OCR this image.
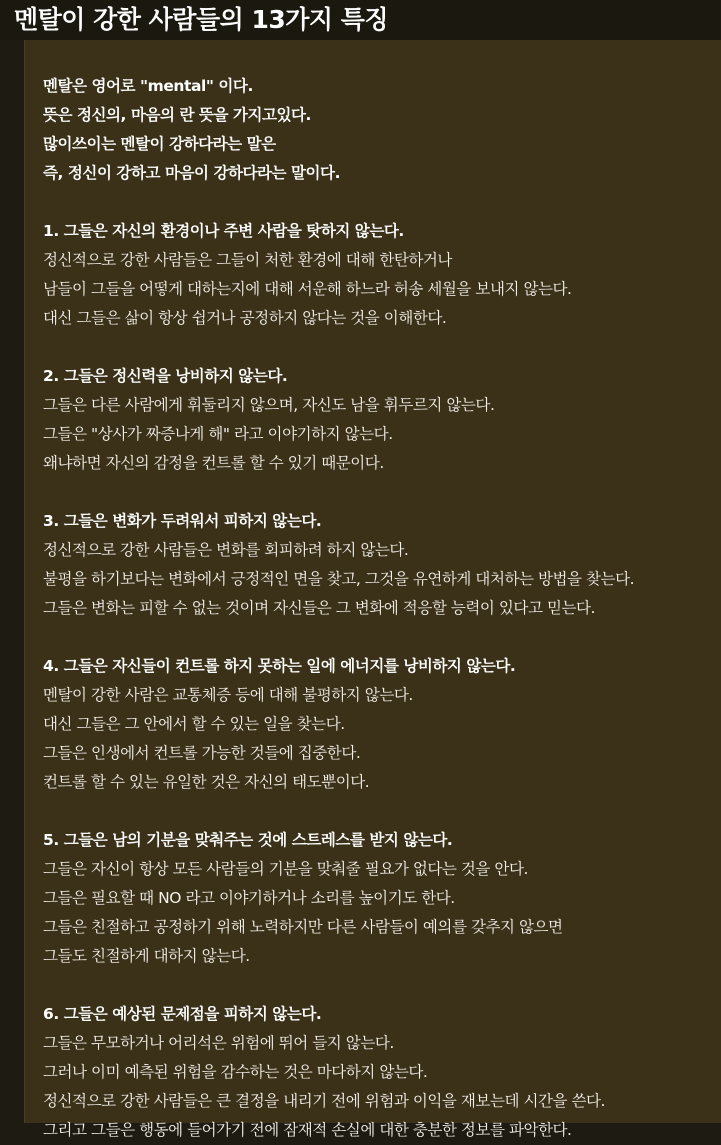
멘탈이 강한 사람들의 13가지 특징
멘탈은 영어로 "mental" 이다.
뜻은 정신의, 마음의 란 뜻을 가지고있다.
많이쓰이는 멘탈이 강하다라는 말은
즉, 정신이 강하고 마음이 강하다라는 말이다.
1. 그들은 자신의 환경이나 주변 사람을 탓하지 않는다.
정신적으로 강한 사람들은 그들이 처한 환경에 대해 한탄하거나
남들이 그들을 어떻게 대하는지에 대해 서운해 하느라 허송 세월을 보내지 않는다.
대신 그들은 삶이 항상 쉽거나 공정하지 않다는 것을 이해한다.
2. 그들은 정신력을 낭비하지 않는다.
그들은 다른 사람에게 휘둘리지 않으며, 자신도 남을 휘두르지 않는다.
그들은 "상사가 짜증나게 해" 라고 이야기하지 않는다.
왜냐하면 자신의 감정을 컨트롤 할 수 있기 때문이다.
3. 그들은 변화가 두려워서 피하지 않는다.
정신적으로 강한 사람들은 변화를 회피하려 하지 않는다.
불평을 하기보다는 변화에서 긍정적인 면을 찾고, 그것을 유연하게 대처하는 방법을 찾는다.
그들은 변화는 피할 수 없는 것이며 자신들은 그 변화에 적응할 능력이 있다고 믿는다.
4. 그들은 자신들이 컨트롤 하지 못하는 일에 에너지를 낭비하지 않는다.
멘탈이 강한 사람은 교통체증 등에 대해 불평하지 않는다.
대신 그들은 그 안에서 할 수 있는 일을 찾는다.
그들은 인생에서 컨트롤 가능한 것들에 집중한다.
컨트롤 할 수 있는 유일한 것은 자신의 태도뿐이다.
5. 그들은 남의 기분을 맞춰주는 것에 스트레스를 받지 않는다.
그들은 자신이 항상 모든 사람들의 기분을 맞춰줄 필요가 없다는 것을 안다.
그들은 필요할 때 NO 라고 이야기하거나 소리를 높이기도 한다.
그들은 친절하고 공정하기 위해 노력하지만 다른 사람들이 예의를 갖추지 않으면
그들도 친절하게 대하지 않는다.
6. 그들은 예상된 문제점을 피하지 않는다.
그들은 무모하거나 어리석은 위험에 뛰어 들지 않는다.
그러나 이미 예측된 위험을 감수하는 것은 마다하지 않는다.
정신적으로 강한 사람들은 큰 결정을 내리기 전에 위험과 이익을 재보는데 시간을 쓴다.
그리고 그들은 행동에 들어가기 전에 잠재적 손실에 대한 충분한 정보를 파악한다.
